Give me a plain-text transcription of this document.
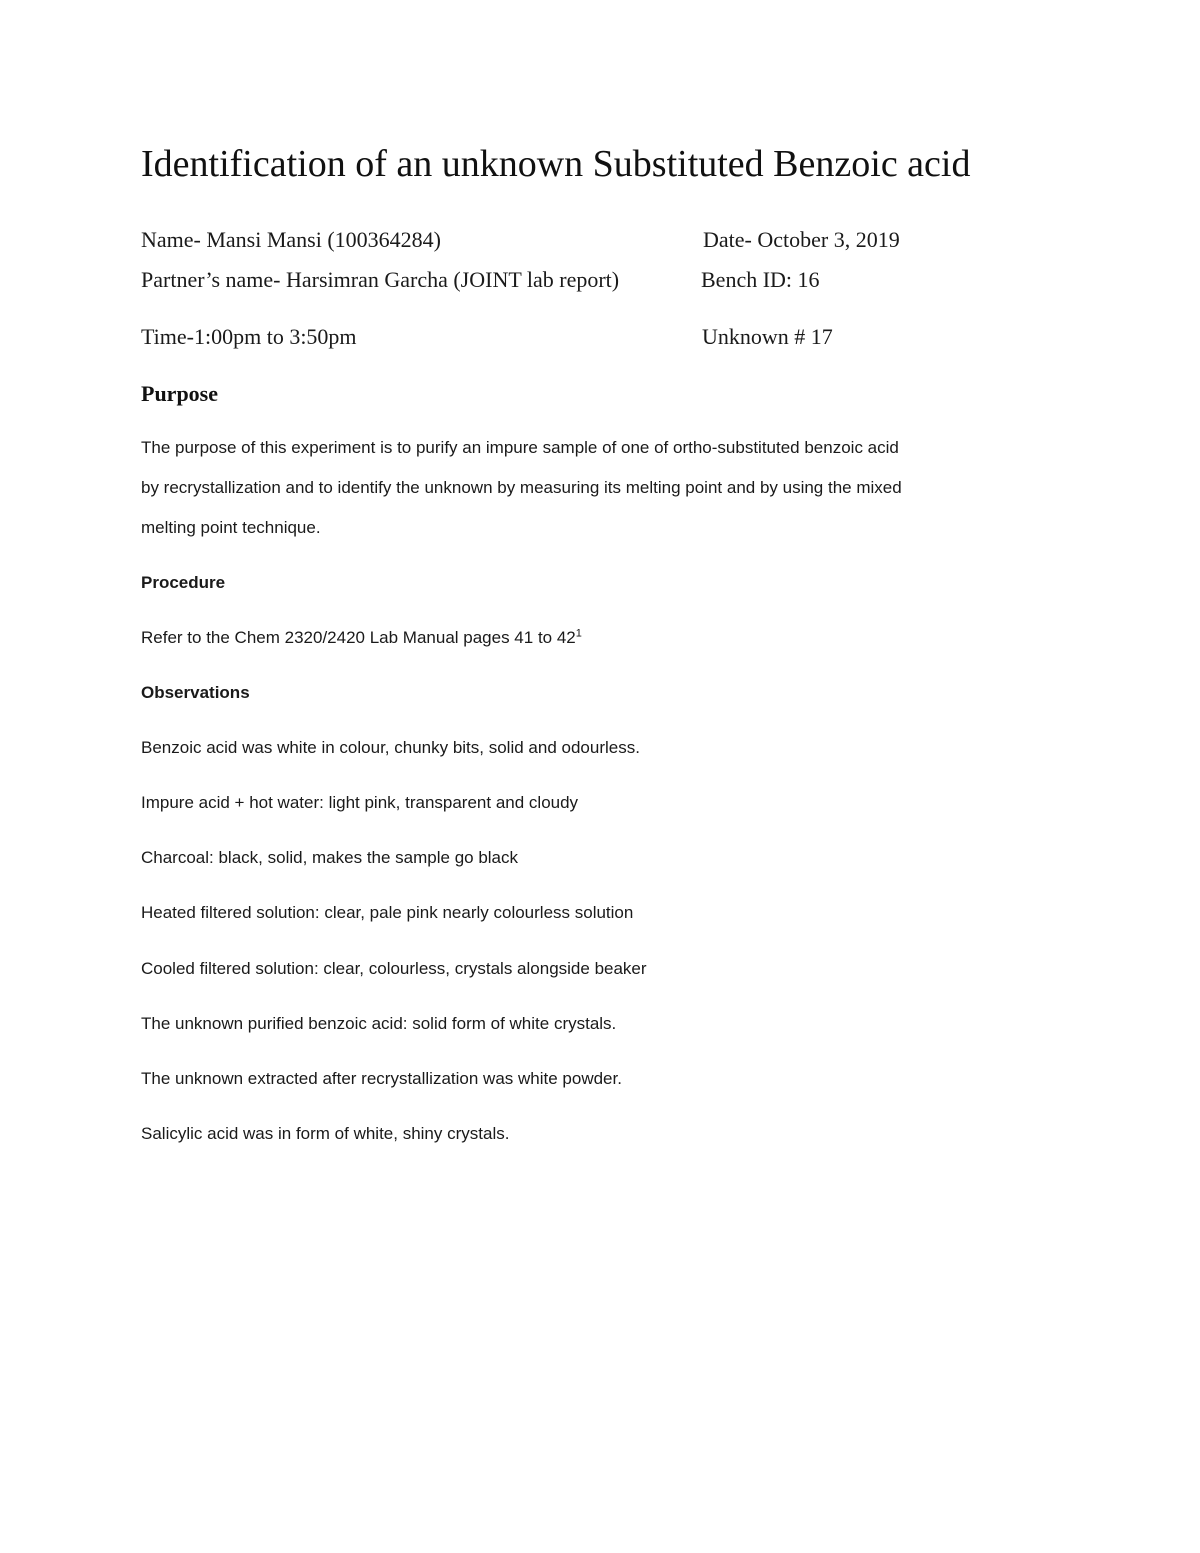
Identification of an unknown Substituted Benzoic acid
Name- Mansi Mansi (100364284)	Date- October 3, 2019
Partner’s name- Harsimran Garcha (JOINT lab report)	Bench ID: 16
Time-1:00pm to 3:50pm	Unknown # 17
Purpose
The purpose of this experiment is to purify an impure sample of one of ortho-substituted benzoic acid
by recrystallization and to identify the unknown by measuring its melting point and by using the mixed
melting point technique.
Procedure
Refer to the Chem 2320/2420 Lab Manual pages 41 to $42^1$
Observations
Benzoic acid was white in colour, chunky bits, solid and odourless.
Impure acid + hot water: light pink, transparent and cloudy
Charcoal: black, solid, makes the sample go black
Heated filtered solution: clear, pale pink nearly colourless solution
Cooled filtered solution: clear, colourless, crystals alongside beaker
The unknown purified benzoic acid: solid form of white crystals.
The unknown extracted after recrystallization was white powder.
Salicylic acid was in form of white, shiny crystals.
